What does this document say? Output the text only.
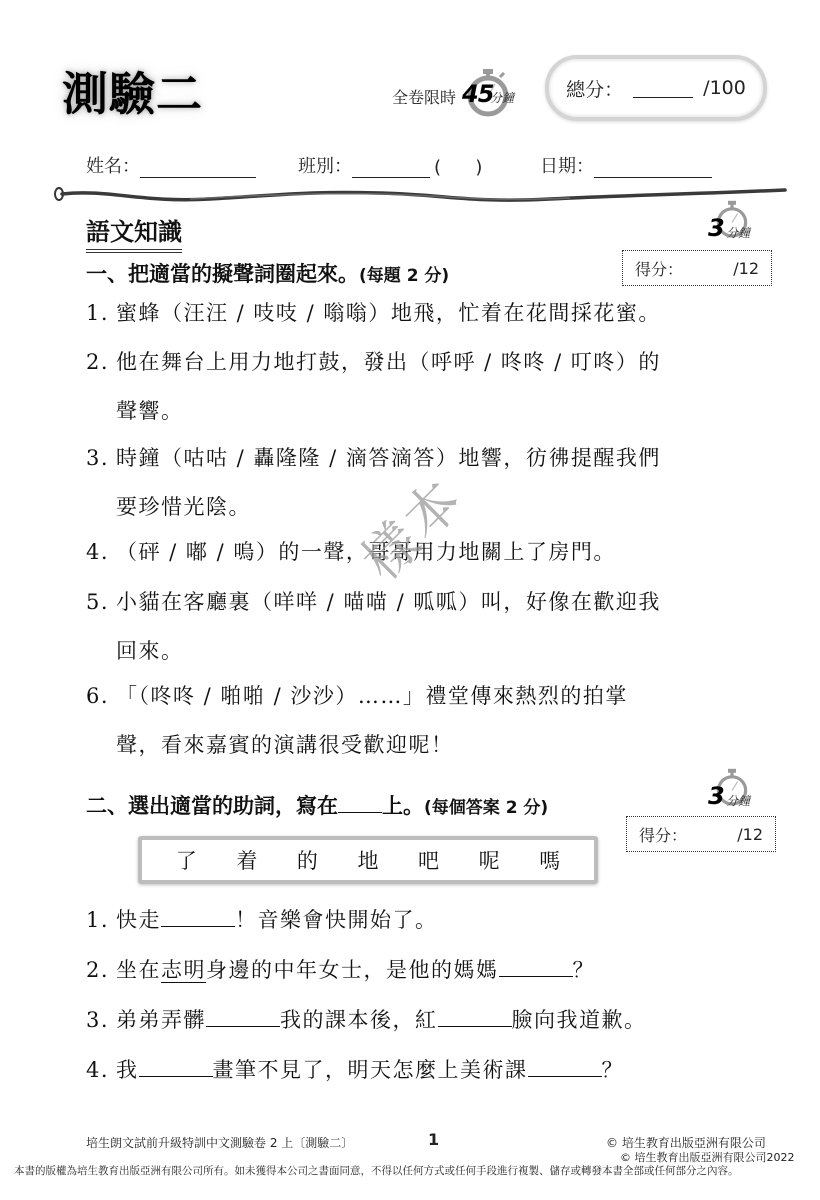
測驗二	全卷限時 45
分鐘	總分：	/100
姓名：	班別：	(      )	日期：
語文知識	3 分鐘
一、把適當的擬聲詞圈起來。(每題 2 分)	得分：	/12
1. 蜜蜂（汪汪 / 吱吱 / 嗡嗡）地飛，忙着在花間採花蜜。
2. 他在舞台上用力地打鼓，發出（呼呼 / 咚咚 / 叮咚）的
聲響。
3. 時鐘（咕咕 / 轟隆隆 / 滴答滴答）地響，彷彿提醒我們
要珍惜光陰。
4. （砰 / 嘟 / 嗚）的一聲，哥哥用力地關上了房門。
5. 小貓在客廳裏（咩咩 / 喵喵 / 呱呱）叫，好像在歡迎我
回來。
6. 「（咚咚 / 啪啪 / 沙沙）……」禮堂傳來熱烈的拍掌
聲，看來嘉賓的演講很受歡迎呢！
樣本
3 分鐘
二、選出適當的助詞，寫在 上。(每個答案 2 分)
得分：	/12
了 着 的 地 吧 呢 嗎
1. 快走	！音樂會快開始了。
2. 坐在志明身邊的中年女士，是他的媽媽	？
3. 弟弟弄髒	我的課本後，紅	臉向我道歉。
4. 我	畫筆不見了，明天怎麼上美術課	？
培生朗文試前升級特訓中文測驗卷 2 上〔測驗二〕	1	© 培生教育出版亞洲有限公司
© 培生教育出版亞洲有限公司2022
本書的版權為培生教育出版亞洲有限公司所有。如未獲得本公司之書面同意，不得以任何方式或任何手段進行複製、儲存或轉發本書全部或任何部分之內容。
